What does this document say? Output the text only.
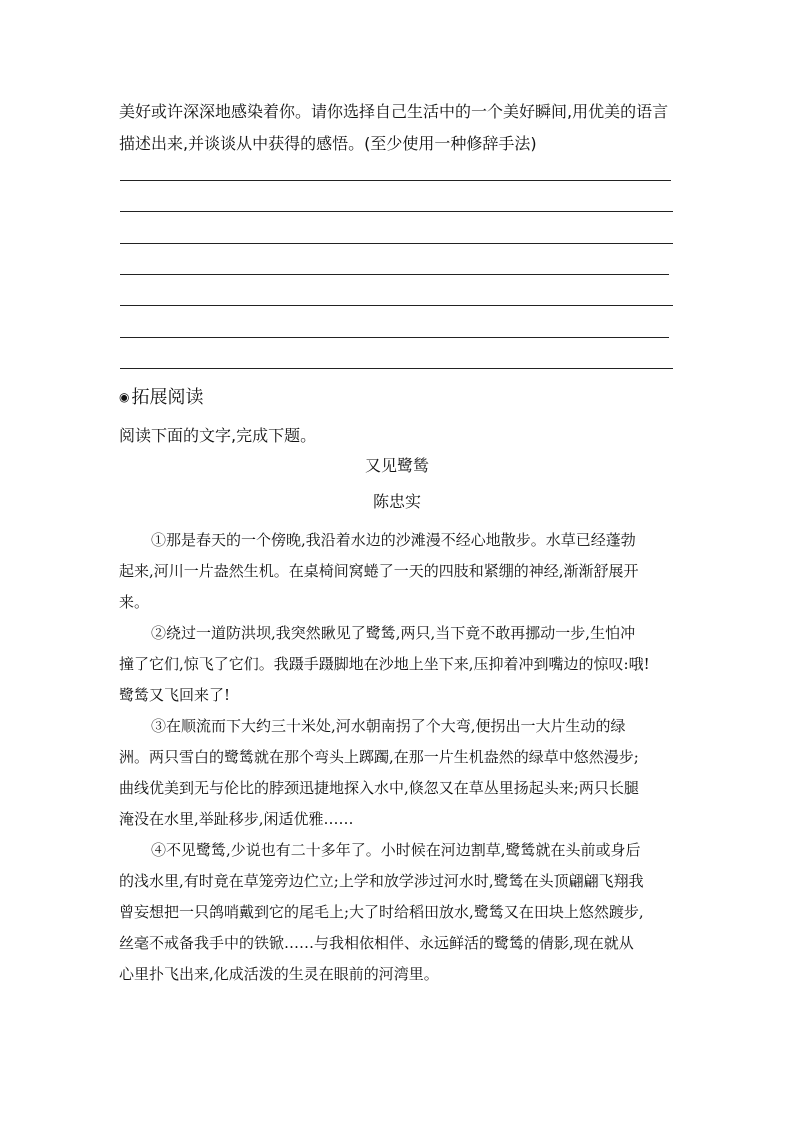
美好或许深深地感染着你。请你选择自己生活中的一个美好瞬间,用优美的语言

描述出来,并谈谈从中获得的感悟。(至少使用一种修辞手法)

◉ 拓展阅读

阅读下面的文字,完成下题。

又见鹭鸶

陈忠实

①那是春天的一个傍晚,我沿着水边的沙滩漫不经心地散步。水草已经蓬勃
起来,河川一片盎然生机。在桌椅间窝蜷了一天的四肢和紧绷的神经,渐渐舒展开
来。
②绕过一道防洪坝,我突然瞅见了鹭鸶,两只,当下竟不敢再挪动一步,生怕冲
撞了它们,惊飞了它们。我蹑手蹑脚地在沙地上坐下来,压抑着冲到嘴边的惊叹:哦!
鹭鸶又飞回来了!
③在顺流而下大约三十米处,河水朝南拐了个大弯,便拐出一大片生动的绿
洲。两只雪白的鹭鸶就在那个弯头上踯躅,在那一片生机盎然的绿草中悠然漫步;
曲线优美到无与伦比的脖颈迅捷地探入水中,倏忽又在草丛里扬起头来;两只长腿
淹没在水里,举趾移步,闲适优雅……
④不见鹭鸶,少说也有二十多年了。小时候在河边割草,鹭鸶就在头前或身后
的浅水里,有时竟在草笼旁边伫立;上学和放学涉过河水时,鹭鸶在头顶翩翩飞翔我
曾妄想把一只鸽哨戴到它的尾毛上;大了时给稻田放水,鹭鸶又在田块上悠然踱步,
丝毫不戒备我手中的铁锨……与我相依相伴、永远鲜活的鹭鸶的倩影,现在就从
心里扑飞出来,化成活泼的生灵在眼前的河湾里。
